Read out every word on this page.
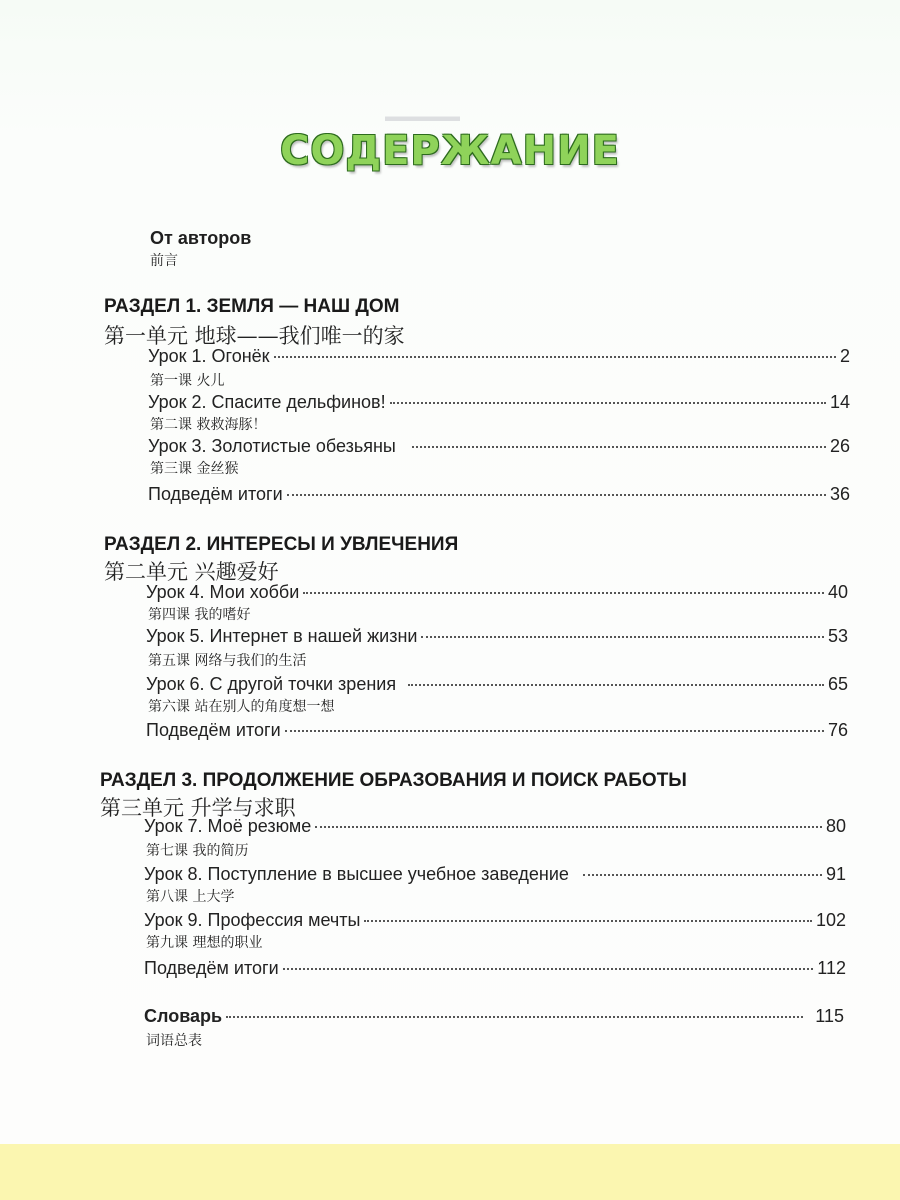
▬▬▬▬▬
СОДЕРЖАНИЕ
От авторов
前言
РАЗДЕЛ 1. ЗЕМЛЯ — НАШ ДОМ
第一单元 地球——我们唯一的家
Урок 1. Огонёк	2
第一课 火儿
Урок 2. Спасите дельфинов!	14
第二课 救救海豚！
Урок 3. Золотистые обезьяны	26
第三课 金丝猴
Подведём итоги	36
РАЗДЕЛ 2. ИНТЕРЕСЫ И УВЛЕЧЕНИЯ
第二单元 兴趣爱好
Урок 4. Мои хобби	40
第四课 我的嗜好
Урок 5. Интернет в нашей жизни	53
第五课 网络与我们的生活
Урок 6. С другой точки зрения	65
第六课 站在别人的角度想一想
Подведём итоги	76
РАЗДЕЛ 3. ПРОДОЛЖЕНИЕ ОБРАЗОВАНИЯ И ПОИСК РАБОТЫ
第三单元 升学与求职
Урок 7. Моё резюме	80
第七课 我的简历
Урок 8. Поступление в высшее учебное заведение	91
第八课 上大学
Урок 9. Профессия мечты	102
第九课 理想的职业
Подведём итоги	112
Словарь	115
词语总表
